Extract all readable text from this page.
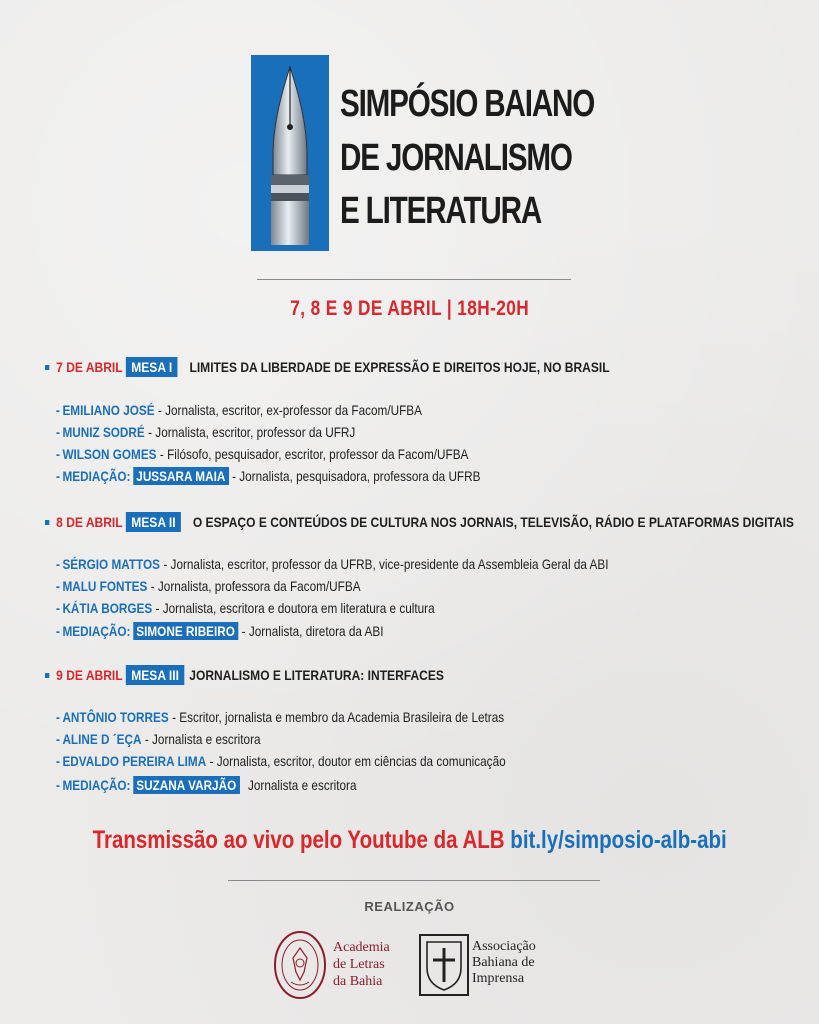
SIMPÓSIO BAIANO
DE JORNALISMO
E LITERATURA
7, 8 E 9 DE ABRIL | 18H-20H
7 DE ABRIL MESA I	LIMITES DA LIBERDADE DE EXPRESSÃO E DIREITOS HOJE, NO BRASIL
- EMILIANO JOSÉ - Jornalista, escritor, ex-professor da Facom/UFBA
- MUNIZ SODRÉ - Jornalista, escritor, professor da UFRJ
- WILSON GOMES - Filósofo, pesquisador, escritor, professor da Facom/UFBA
- MEDIAÇÃO: JUSSARA MAIA - Jornalista, pesquisadora, professora da UFRB
8 DE ABRIL MESA II	O ESPAÇO E CONTEÚDOS DE CULTURA NOS JORNAIS, TELEVISÃO, RÁDIO E PLATAFORMAS DIGITAIS
- SÉRGIO MATTOS - Jornalista, escritor, professor da UFRB, vice-presidente da Assembleia Geral da ABI
- MALU FONTES - Jornalista, professora da Facom/UFBA
- KÁTIA BORGES - Jornalista, escritora e doutora em literatura e cultura
- MEDIAÇÃO: SIMONE RIBEIRO - Jornalista, diretora da ABI
9 DE ABRIL MESA III JORNALISMO E LITERATURA: INTERFACES
- ANTÔNIO TORRES - Escritor, jornalista e membro da Academia Brasileira de Letras
- ALINE D ´EÇA - Jornalista e escritora
- EDVALDO PEREIRA LIMA - Jornalista, escritor, doutor em ciências da comunicação
- MEDIAÇÃO: SUZANA VARJÃO Jornalista e escritora
Transmissão ao vivo pelo Youtube da ALB bit.ly/simposio-alb-abi
REALIZAÇÃO
Academia
de Letras
da Bahia
Associação
Bahiana de
Imprensa
